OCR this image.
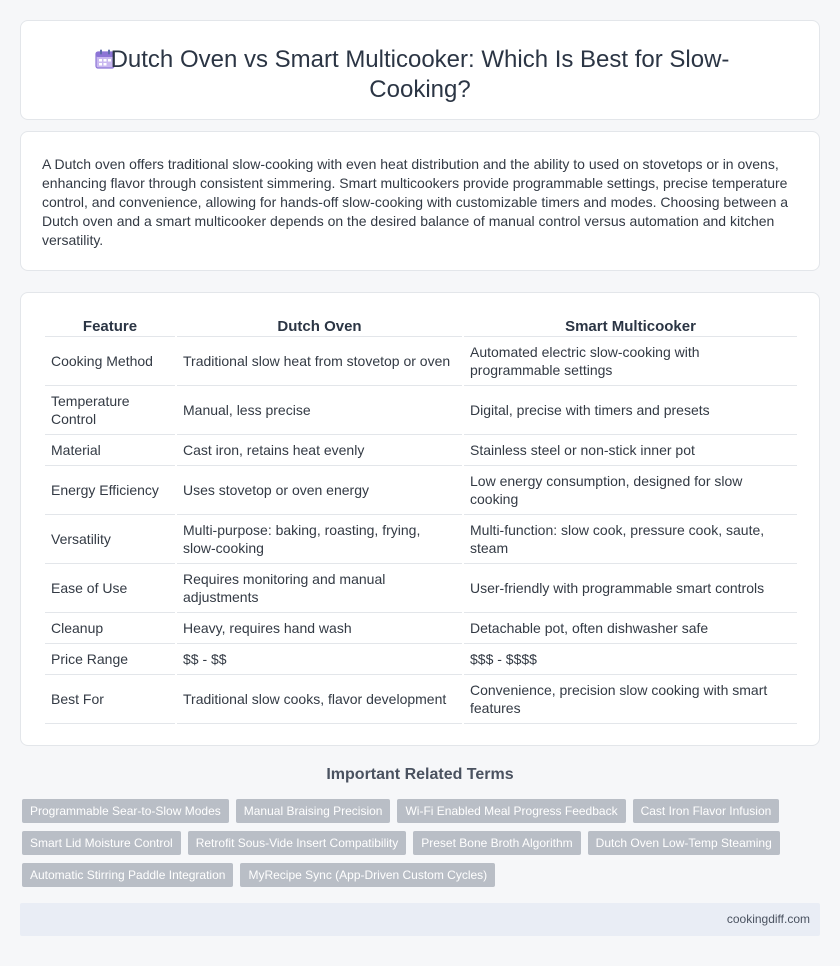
Dutch Oven vs Smart Multicooker: Which Is Best for Slow-Cooking?

A Dutch oven offers traditional slow-cooking with even heat distribution and the ability to used on stovetops or in ovens, enhancing flavor through consistent simmering. Smart multicookers provide programmable settings, precise temperature control, and convenience, allowing for hands-off slow-cooking with customizable timers and modes. Choosing between a Dutch oven and a smart multicooker depends on the desired balance of manual control versus automation and kitchen versatility.

Feature	Dutch Oven	Smart Multicooker
Cooking Method	Traditional slow heat from stovetop or oven	Automated electric slow-cooking with programmable settings
Temperature Control	Manual, less precise	Digital, precise with timers and presets
Material	Cast iron, retains heat evenly	Stainless steel or non-stick inner pot
Energy Efficiency	Uses stovetop or oven energy	Low energy consumption, designed for slow cooking
Versatility	Multi-purpose: baking, roasting, frying, slow-cooking	Multi-function: slow cook, pressure cook, saute, steam
Ease of Use	Requires monitoring and manual adjustments	User-friendly with programmable smart controls
Cleanup	Heavy, requires hand wash	Detachable pot, often dishwasher safe
Price Range	$$ - $$	$$$ - $$$$
Best For	Traditional slow cooks, flavor development	Convenience, precision slow cooking with smart features
Important Related Terms
Programmable Sear-to-Slow Modes	Manual Braising Precision	Wi-Fi Enabled Meal Progress Feedback	Cast Iron Flavor Infusion
Smart Lid Moisture Control	Retrofit Sous-Vide Insert Compatibility	Preset Bone Broth Algorithm	Dutch Oven Low-Temp Steaming
Automatic Stirring Paddle Integration	MyRecipe Sync (App-Driven Custom Cycles)
cookingdiff.com
